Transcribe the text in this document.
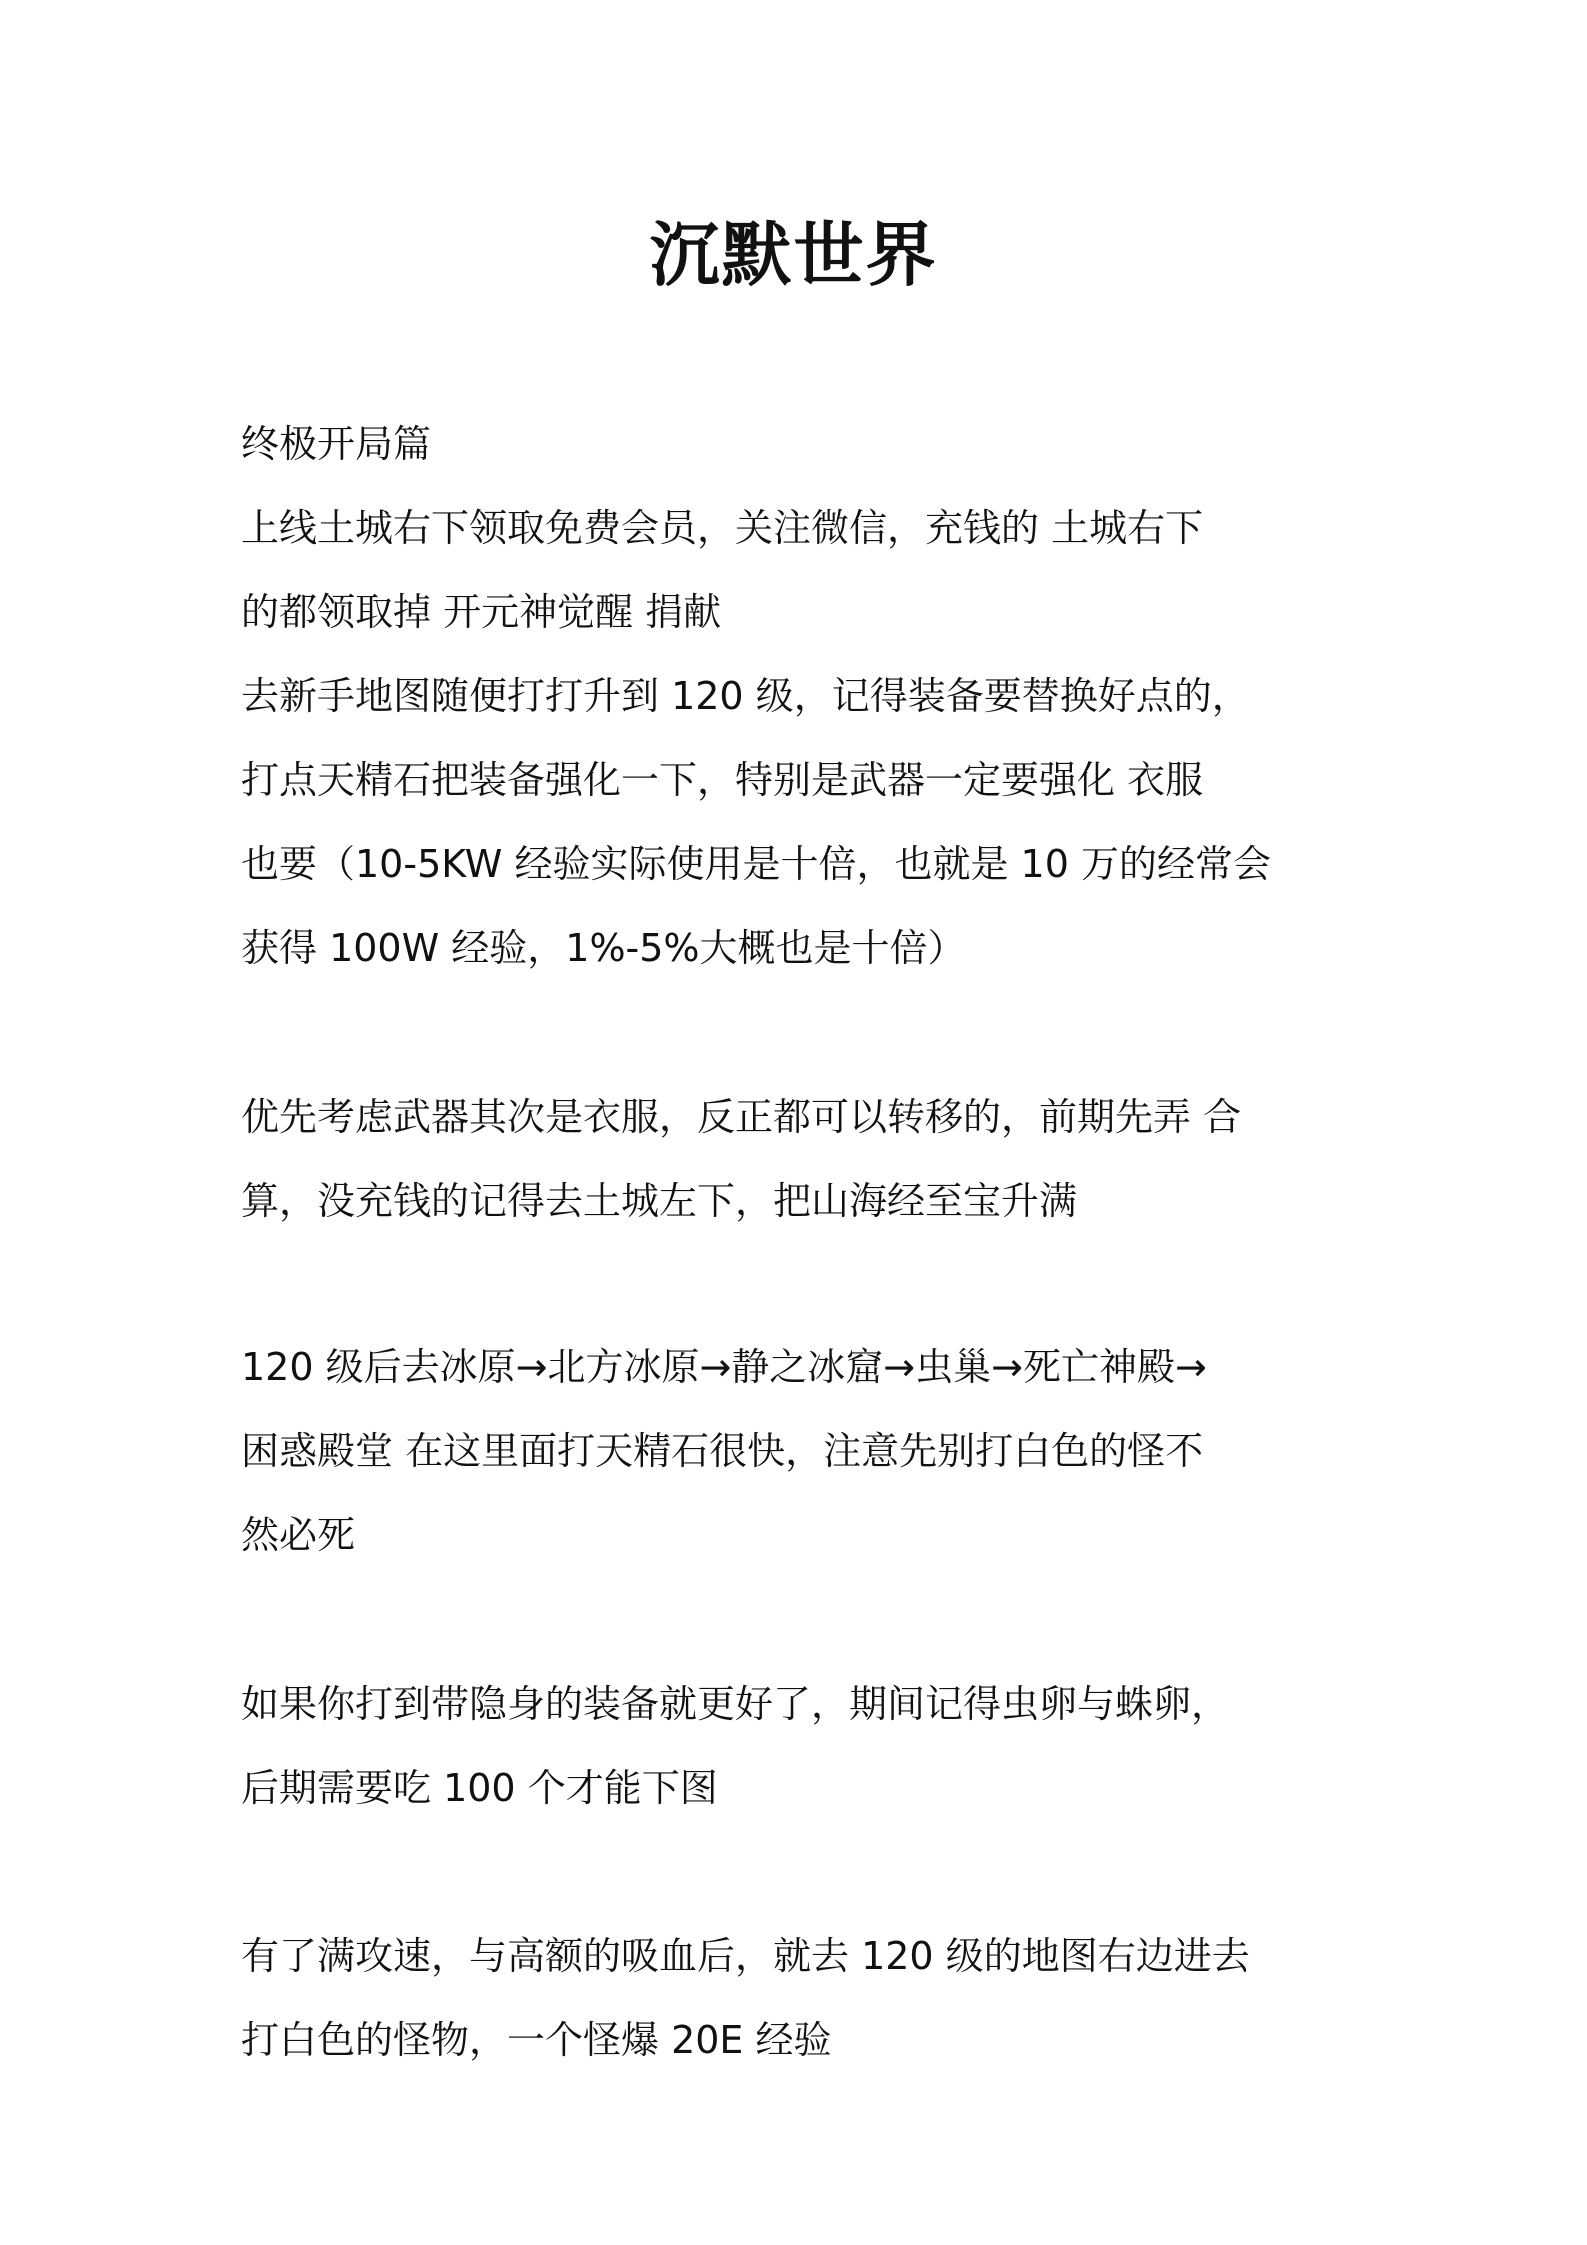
沉默世界
终极开局篇
上线土城右下领取免费会员，关注微信，充钱的 土城右下
的都领取掉 开元神觉醒 捐献
去新手地图随便打打升到 120 级，记得装备要替换好点的，
打点天精石把装备强化一下，特别是武器一定要强化 衣服
也要（10-5KW 经验实际使用是十倍，也就是 10 万的经常会
获得 100W 经验，1%-5%大概也是十倍）
优先考虑武器其次是衣服，反正都可以转移的，前期先弄 合
算，没充钱的记得去土城左下，把山海经至宝升满
120 级后去冰原→北方冰原→静之冰窟→虫巢→死亡神殿→
困惑殿堂 在这里面打天精石很快，注意先别打白色的怪不
然必死
如果你打到带隐身的装备就更好了，期间记得虫卵与蛛卵，
后期需要吃 100 个才能下图
有了满攻速，与高额的吸血后，就去 120 级的地图右边进去
打白色的怪物，一个怪爆 20E 经验
